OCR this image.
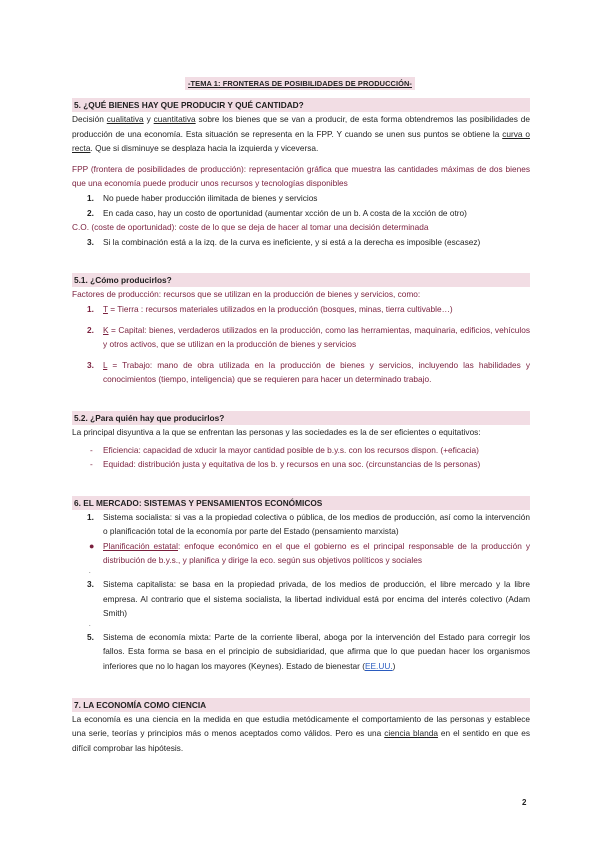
-TEMA 1: FRONTERAS DE POSIBILIDADES DE PRODUCCIÓN-
5. ¿QUÉ BIENES HAY QUE PRODUCIR Y QUÉ CANTIDAD?

Decisión cualitativa y cuantitativa sobre los bienes que se van a producir, de esta forma obtendremos las posibilidades de producción de una economía. Esta situación se representa en la FPP. Y cuando se unen sus puntos se obtiene la curva o recta. Que si disminuye se desplaza hacia la izquierda y viceversa.

FPP (frontera de posibilidades de producción): representación gráfica que muestra las cantidades máximas de dos bienes que una economía puede producir unos recursos y tecnologías disponibles

1. No puede haber producción ilimitada de bienes y servicios
2. En cada caso, hay un costo de oportunidad (aumentar xcción de un b. A costa de la xcción de otro)

C.O. (coste de oportunidad): coste de lo que se deja de hacer al tomar una decisión determinada

3. Si la combinación está a la izq. de la curva es ineficiente, y si está a la derecha es imposible (escasez)
5.1. ¿Cómo producirlos?

Factores de producción: recursos que se utilizan en la producción de bienes y servicios, como:

1. T = Tierra : recursos materiales utilizados en la producción (bosques, minas, tierra cultivable…)
2. K = Capital: bienes, verdaderos utilizados en la producción, como las herramientas, maquinaria, edificios, vehículos y otros activos, que se utilizan en la producción de bienes y servicios
3. L = Trabajo: mano de obra utilizada en la producción de bienes y servicios, incluyendo las habilidades y conocimientos (tiempo, inteligencia) que se requieren para hacer un determinado trabajo.
5.2. ¿Para quién hay que producirlos?

La principal disyuntiva a la que se enfrentan las personas y las sociedades es la de ser eficientes o equitativos:

- Eficiencia: capacidad de xducir la mayor cantidad posible de b.y.s. con los recursos dispon. (+eficacia)
- Equidad: distribución justa y equitativa de los b. y recursos en una soc. (circunstancias de ls personas)
6. EL MERCADO: SISTEMAS Y PENSAMIENTOS ECONÓMICOS
1. Sistema socialista: si vas a la propiedad colectiva o pública, de los medios de producción, así como la intervención o planificación total de la economía por parte del Estado (pensamiento marxista)
● Planificación estatal: enfoque económico en el que el gobierno es el principal responsable de la producción y distribución de b.y.s., y planifica y dirige la eco. según sus objetivos políticos y sociales
.
3. Sistema capitalista: se basa en la propiedad privada, de los medios de producción, el libre mercado y la libre empresa. Al contrario que el sistema socialista, la libertad individual está por encima del interés colectivo (Adam Smith)
.
5. Sistema de economía mixta: Parte de la corriente liberal, aboga por la intervención del Estado para corregir los fallos. Esta forma se basa en el principio de subsidiaridad, que afirma que lo que puedan hacer los organismos inferiores que no lo hagan los mayores (Keynes). Estado de bienestar (EE.UU.)
7. LA ECONOMÍA COMO CIENCIA

La economía es una ciencia en la medida en que estudia metódicamente el comportamiento de las personas y establece una serie, teorías y principios más o menos aceptados como válidos. Pero es una ciencia blanda en el sentido en que es difícil comprobar las hipótesis.

2
